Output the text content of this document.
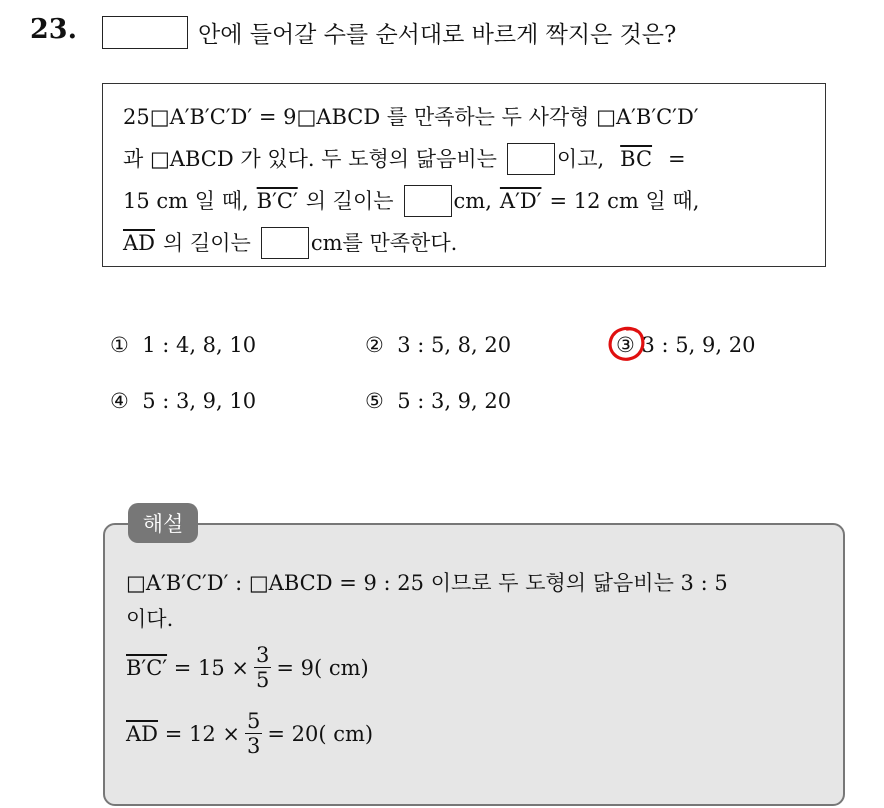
23.	안에 들어갈 수를 순서대로 바르게 짝지은 것은?
25□A′B′C′D′ = 9□ABCD 를 만족하는 두 사각형 □A′B′C′D′
과 □ABCD 가 있다. 두 도형의 닮음비는	이고, $\overline{BC}$ =
15 cm 일 때, B′C′ 의 길이는	cm, A′D′ = 12 cm 일 때,
$\overline{AD}$ 의 길이는	cm를 만족한다.
① 1 : 4, 8, 10	② 3 : 5, 8, 20	③ 3 : 5, 9, 20
④ 5 : 3, 9, 10	⑤ 5 : 3, 9, 20
□A′B′C′D′ : □ABCD = 9 : 25 이므로 두 도형의 닮음비는 3 : 5
이다.
B′C′
= $15 \times \frac{3}{5} = 9$( cm)
$\overline{AD}$
= $12 \times \frac{5}{3} = 20$( cm)
해설
